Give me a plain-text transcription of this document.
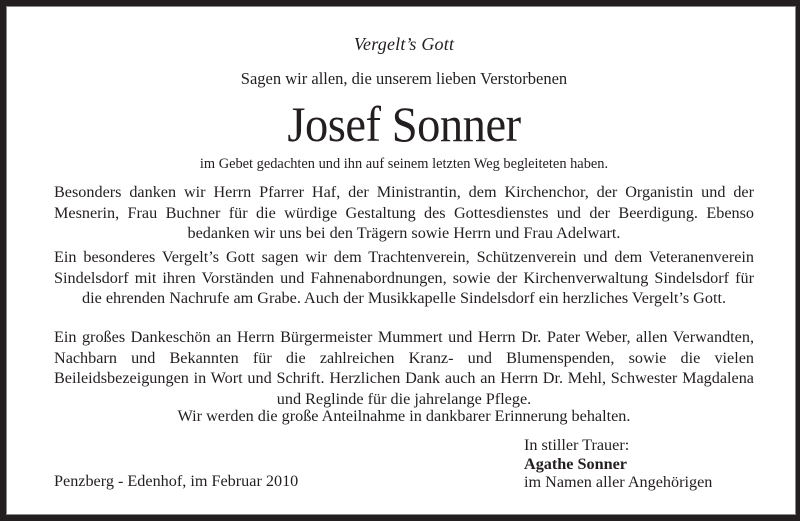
Vergelt’s Gott
Sagen wir allen, die unserem lieben Verstorbenen
Josef Sonner
im Gebet gedachten und ihn auf seinem letzten Weg begleiteten haben.
Besonders danken wir Herrn Pfarrer Haf, der Ministrantin, dem Kirchenchor, der Organistin und der Mesnerin, Frau Buchner für die würdige Gestaltung des Gottesdienstes und der Beerdigung. Ebenso bedanken wir uns bei den Trägern sowie Herrn und Frau Adelwart.
Ein besonderes Vergelt’s Gott sagen wir dem Trachtenverein, Schützenverein und dem Veteranenverein Sindelsdorf mit ihren Vorständen und Fahnenabordnungen, sowie der Kirchenverwaltung Sindelsdorf für die ehrenden Nachrufe am Grabe. Auch der Musikkapelle Sindelsdorf ein herzliches Vergelt’s Gott.
Ein großes Dankeschön an Herrn Bürgermeister Mummert und Herrn Dr. Pater Weber, allen Verwandten, Nachbarn und Bekannten für die zahlreichen Kranz- und Blumenspenden, sowie die vielen Beileidsbezeigungen in Wort und Schrift. Herzlichen Dank auch an Herrn Dr. Mehl, Schwester Magdalena und Reglinde für die jahrelange Pflege.
Wir werden die große Anteilnahme in dankbarer Erinnerung behalten.
Penzberg - Edenhof, im Februar 2010
In stiller Trauer:
Agathe Sonner
im Namen aller Angehörigen
